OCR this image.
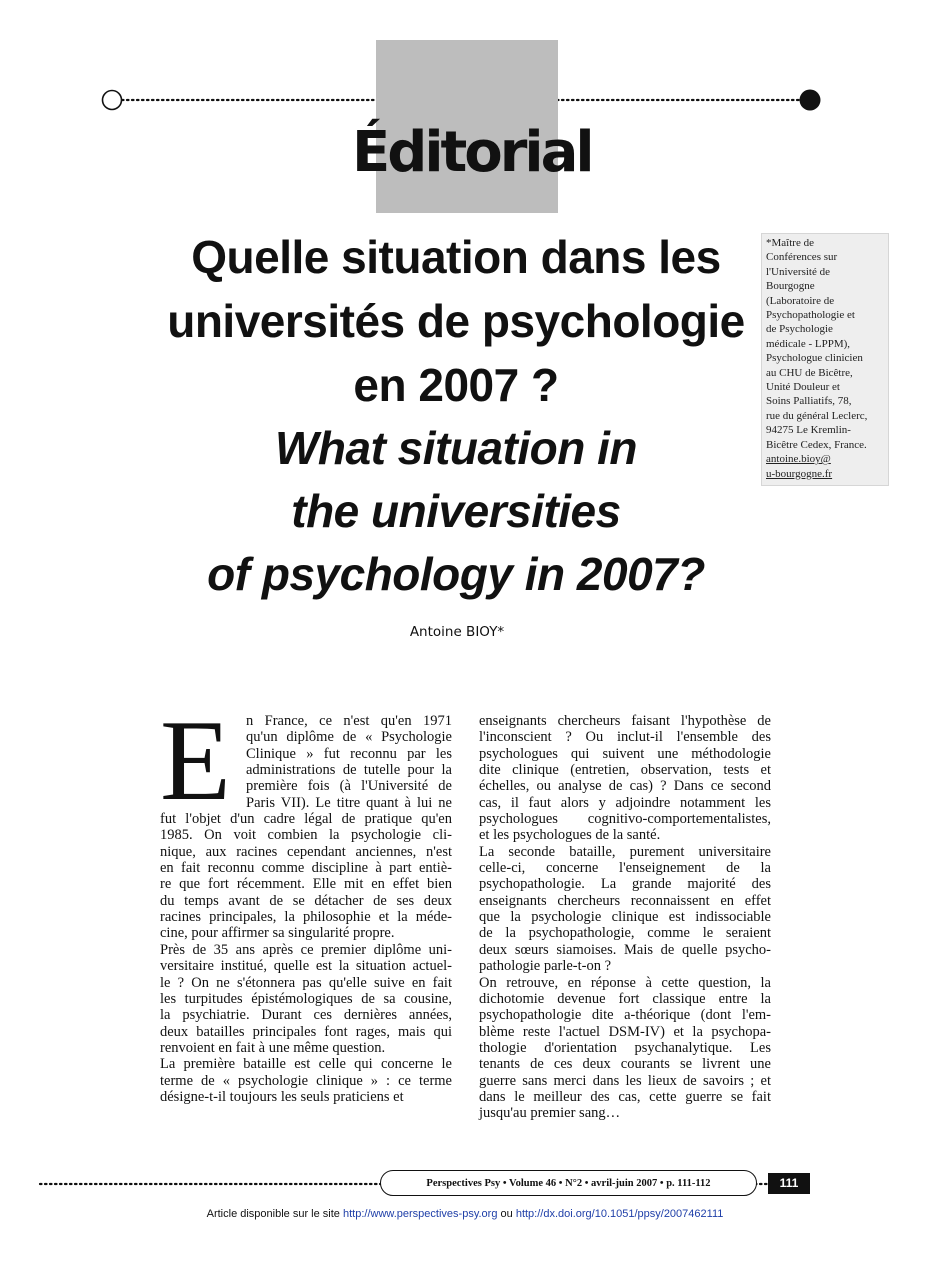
Éditorial
Quelle situation dans les
universités de psychologie
en 2007 ?
What situation in
the universities
of psychology in 2007?
Antoine BIOY*
*Maître de
Conférences sur
l'Université de
Bourgogne
(Laboratoire de
Psychopathologie et
de Psychologie
médicale - LPPM),
Psychologue clinicien
au CHU de Bicêtre,
Unité Douleur et
Soins Palliatifs, 78,
rue du général Leclerc,
94275 Le Kremlin-
Bicêtre Cedex, France.
antoine.bioy@
u-bourgogne.fr
E	n France, ce n'est qu'en 1971
qu'un diplôme de « Psychologie
Clinique » fut reconnu par les
administrations de tutelle pour la
première fois (à l'Université de
Paris VII). Le titre quant à lui ne
fut l'objet d'un cadre légal de pratique qu'en
1985. On voit combien la psychologie cli-
nique, aux racines cependant anciennes, n'est
en fait reconnu comme discipline à part entiè-
re que fort récemment. Elle mit en effet bien
du temps avant de se détacher de ses deux
racines principales, la philosophie et la méde-
cine, pour affirmer sa singularité propre.
Près de 35 ans après ce premier diplôme uni-
versitaire institué, quelle est la situation actuel-
le ? On ne s'étonnera pas qu'elle suive en fait
les turpitudes épistémologiques de sa cousine,
la psychiatrie. Durant ces dernières années,
deux batailles principales font rages, mais qui
renvoient en fait à une même question.
La première bataille est celle qui concerne le
terme de « psychologie clinique » : ce terme
désigne-t-il toujours les seuls praticiens et
enseignants chercheurs faisant l'hypothèse de
l'inconscient ? Ou inclut-il l'ensemble des
psychologues qui suivent une méthodologie
dite clinique (entretien, observation, tests et
échelles, ou analyse de cas) ? Dans ce second
cas, il faut alors y adjoindre notamment les
psychologues cognitivo-comportementalistes,
et les psychologues de la santé.
La seconde bataille, purement universitaire
celle-ci, concerne l'enseignement de la
psychopathologie. La grande majorité des
enseignants chercheurs reconnaissent en effet
que la psychologie clinique est indissociable
de la psychopathologie, comme le seraient
deux sœurs siamoises. Mais de quelle psycho-
pathologie parle-t-on ?
On retrouve, en réponse à cette question, la
dichotomie devenue fort classique entre la
psychopathologie dite a-théorique (dont l'em-
blème reste l'actuel DSM-IV) et la psychopa-
thologie d'orientation psychanalytique. Les
tenants de ces deux courants se livrent une
guerre sans merci dans les lieux de savoirs ; et
dans le meilleur des cas, cette guerre se fait
jusqu'au premier sang…
Perspectives Psy • Volume 46 • N°2 • avril-juin 2007 • p. 111-112	111
Article disponible sur le site http://www.perspectives-psy.org ou http://dx.doi.org/10.1051/ppsy/2007462111
